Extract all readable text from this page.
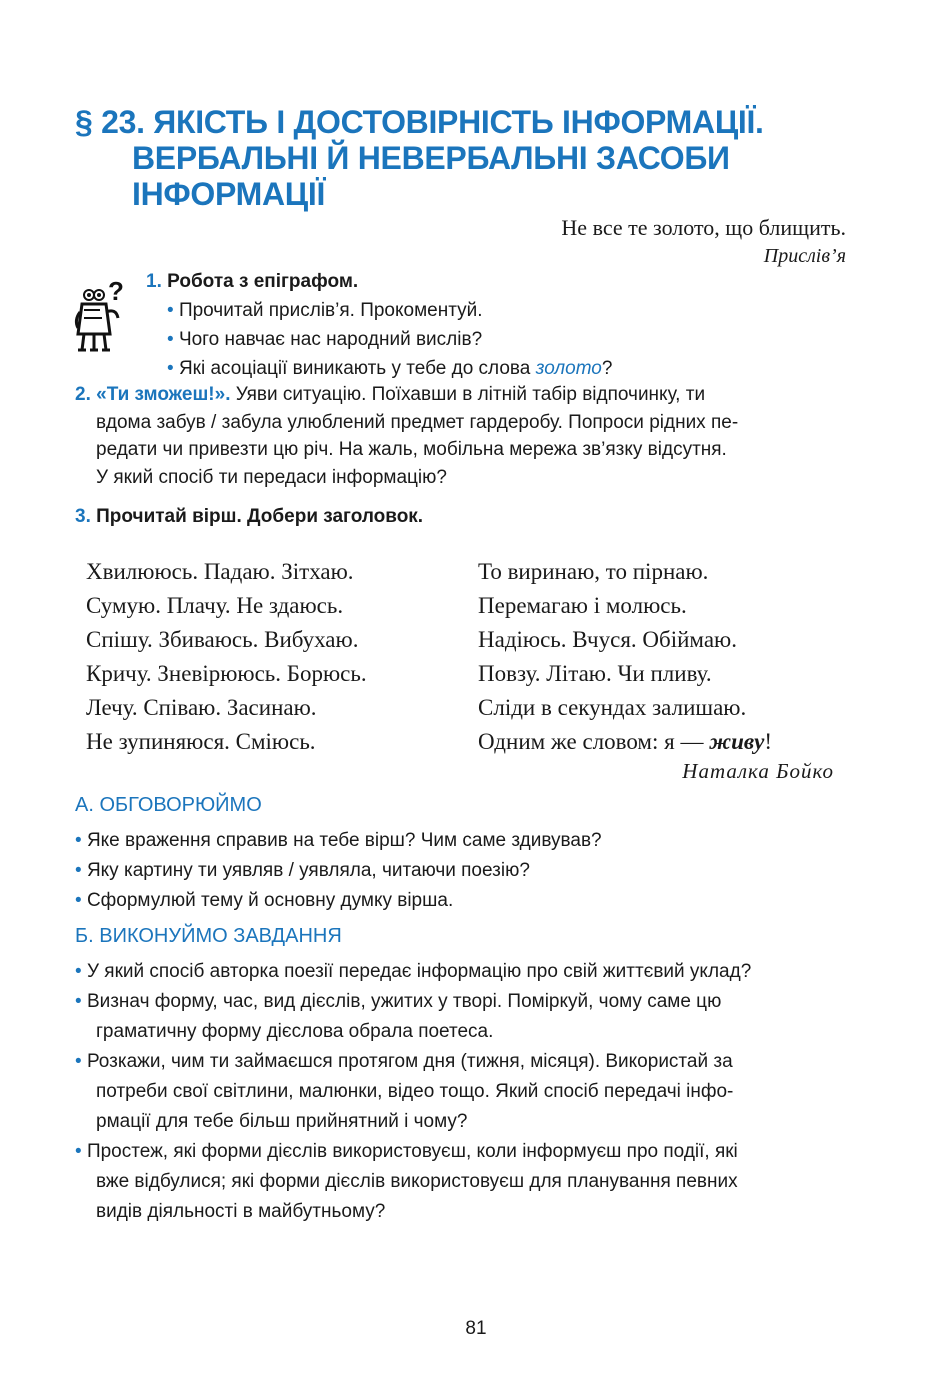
§ 23. ЯКІСТЬ І ДОСТОВІРНІСТЬ ІНФОРМАЦІЇ.
ВЕРБАЛЬНІ Й НЕВЕРБАЛЬНІ ЗАСОБИ
ІНФОРМАЦІЇ
Не все те золото, що блищить.
Прислів’я
? 1. Робота з епіграфом.
• Прочитай прислів’я. Прокоментуй.
• Чого навчає нас народний вислів?
• Які асоціації виникають у тебе до слова золото?
2. «Ти зможеш!». Уяви ситуацію. Поїхавши в літній табір відпочинку, ти
вдома забув / забула улюблений предмет гардеробу. Попроси рідних пе-
редати чи привезти цю річ. На жаль, мобільна мережа зв’язку відсутня.
У який спосіб ти передаси інформацію?
3. Прочитай вірш. Добери заголовок.
Хвилююсь. Падаю. Зітхаю.
Сумую. Плачу. Не здаюсь.
Спішу. Збиваюсь. Вибухаю.
Кричу. Зневірююсь. Борюсь.
Лечу. Співаю. Засинаю.
Не зупиняюся. Сміюсь.
То виринаю, то пірнаю.
Перемагаю і молюсь.
Надіюсь. Вчуся. Обіймаю.
Повзу. Літаю. Чи пливу.
Сліди в секундах залишаю.
Одним же словом: я — живу!
Наталка Бойко
А. ОБГОВОРЮЙМО
• Яке враження справив на тебе вірш? Чим саме здивував?
• Яку картину ти уявляв / уявляла, читаючи поезію?
• Сформулюй тему й основну думку вірша.
Б. ВИКОНУЙМО ЗАВДАННЯ
• У який спосіб авторка поезії передає інформацію про свій життєвий уклад?
• Визнач форму, час, вид дієслів, ужитих у творі. Поміркуй, чому саме цю
граматичну форму дієслова обрала поетеса.
• Розкажи, чим ти займаєшся протягом дня (тижня, місяця). Використай за
потреби свої світлини, малюнки, відео тощо. Який спосіб передачі інфо-
рмації для тебе більш прийнятний і чому?
• Простеж, які форми дієслів використовуєш, коли інформуєш про події, які
вже відбулися; які форми дієслів використовуєш для планування певних
видів діяльності в майбутньому?
81
